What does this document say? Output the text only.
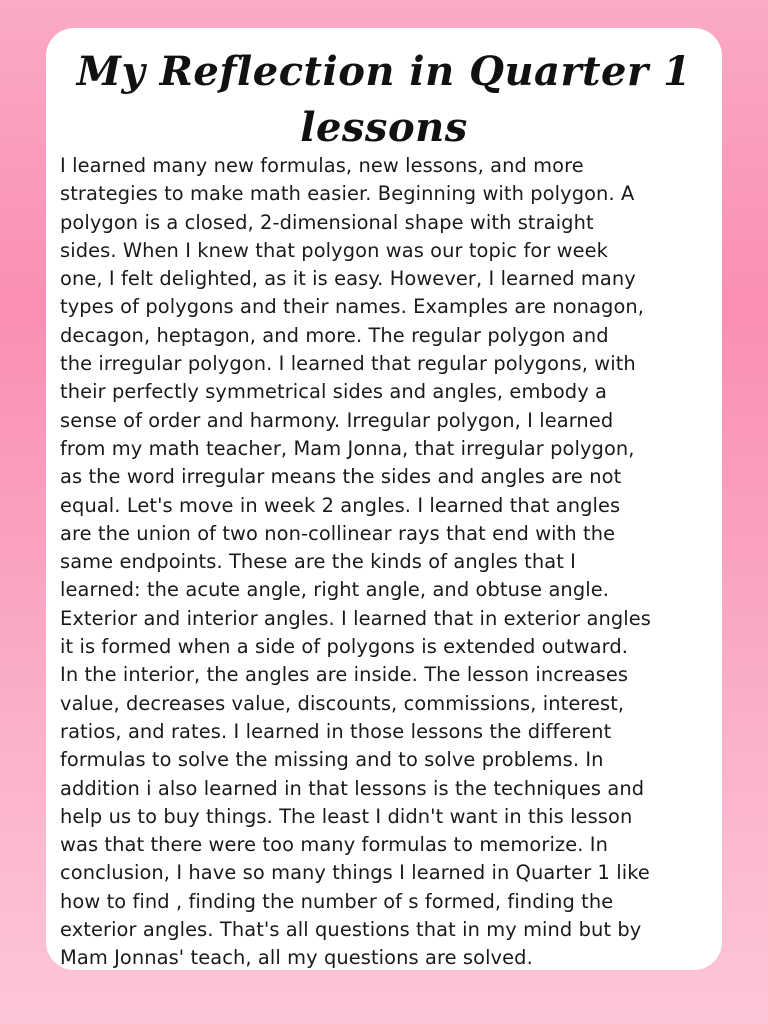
My Reflection in Quarter 1
lessons

I learned many new formulas, new lessons, and more
strategies to make math easier. Beginning with polygon. A
polygon is a closed, 2-dimensional shape with straight
sides. When I knew that polygon was our topic for week
one, I felt delighted, as it is easy. However, I learned many
types of polygons and their names. Examples are nonagon,
decagon, heptagon, and more. The regular polygon and
the irregular polygon. I learned that regular polygons, with
their perfectly symmetrical sides and angles, embody a
sense of order and harmony. Irregular polygon, I learned
from my math teacher, Mam Jonna, that irregular polygon,
as the word irregular means the sides and angles are not
equal. Let's move in week 2 angles. I learned that angles
are the union of two non-collinear rays that end with the
same endpoints. These are the kinds of angles that I
learned: the acute angle, right angle, and obtuse angle.
Exterior and interior angles. I learned that in exterior angles
it is formed when a side of polygons is extended outward.
In the interior, the angles are inside. The lesson increases
value, decreases value, discounts, commissions, interest,
ratios, and rates. I learned in those lessons the different
formulas to solve the missing and to solve problems. In
addition i also learned in that lessons is the techniques and
help us to buy things. The least I didn't want in this lesson
was that there were too many formulas to memorize. In
conclusion, I have so many things I learned in Quarter 1 like
how to find , finding the number of s formed, finding the
exterior angles. That's all questions that in my mind but by
Mam Jonnas' teach, all my questions are solved.
